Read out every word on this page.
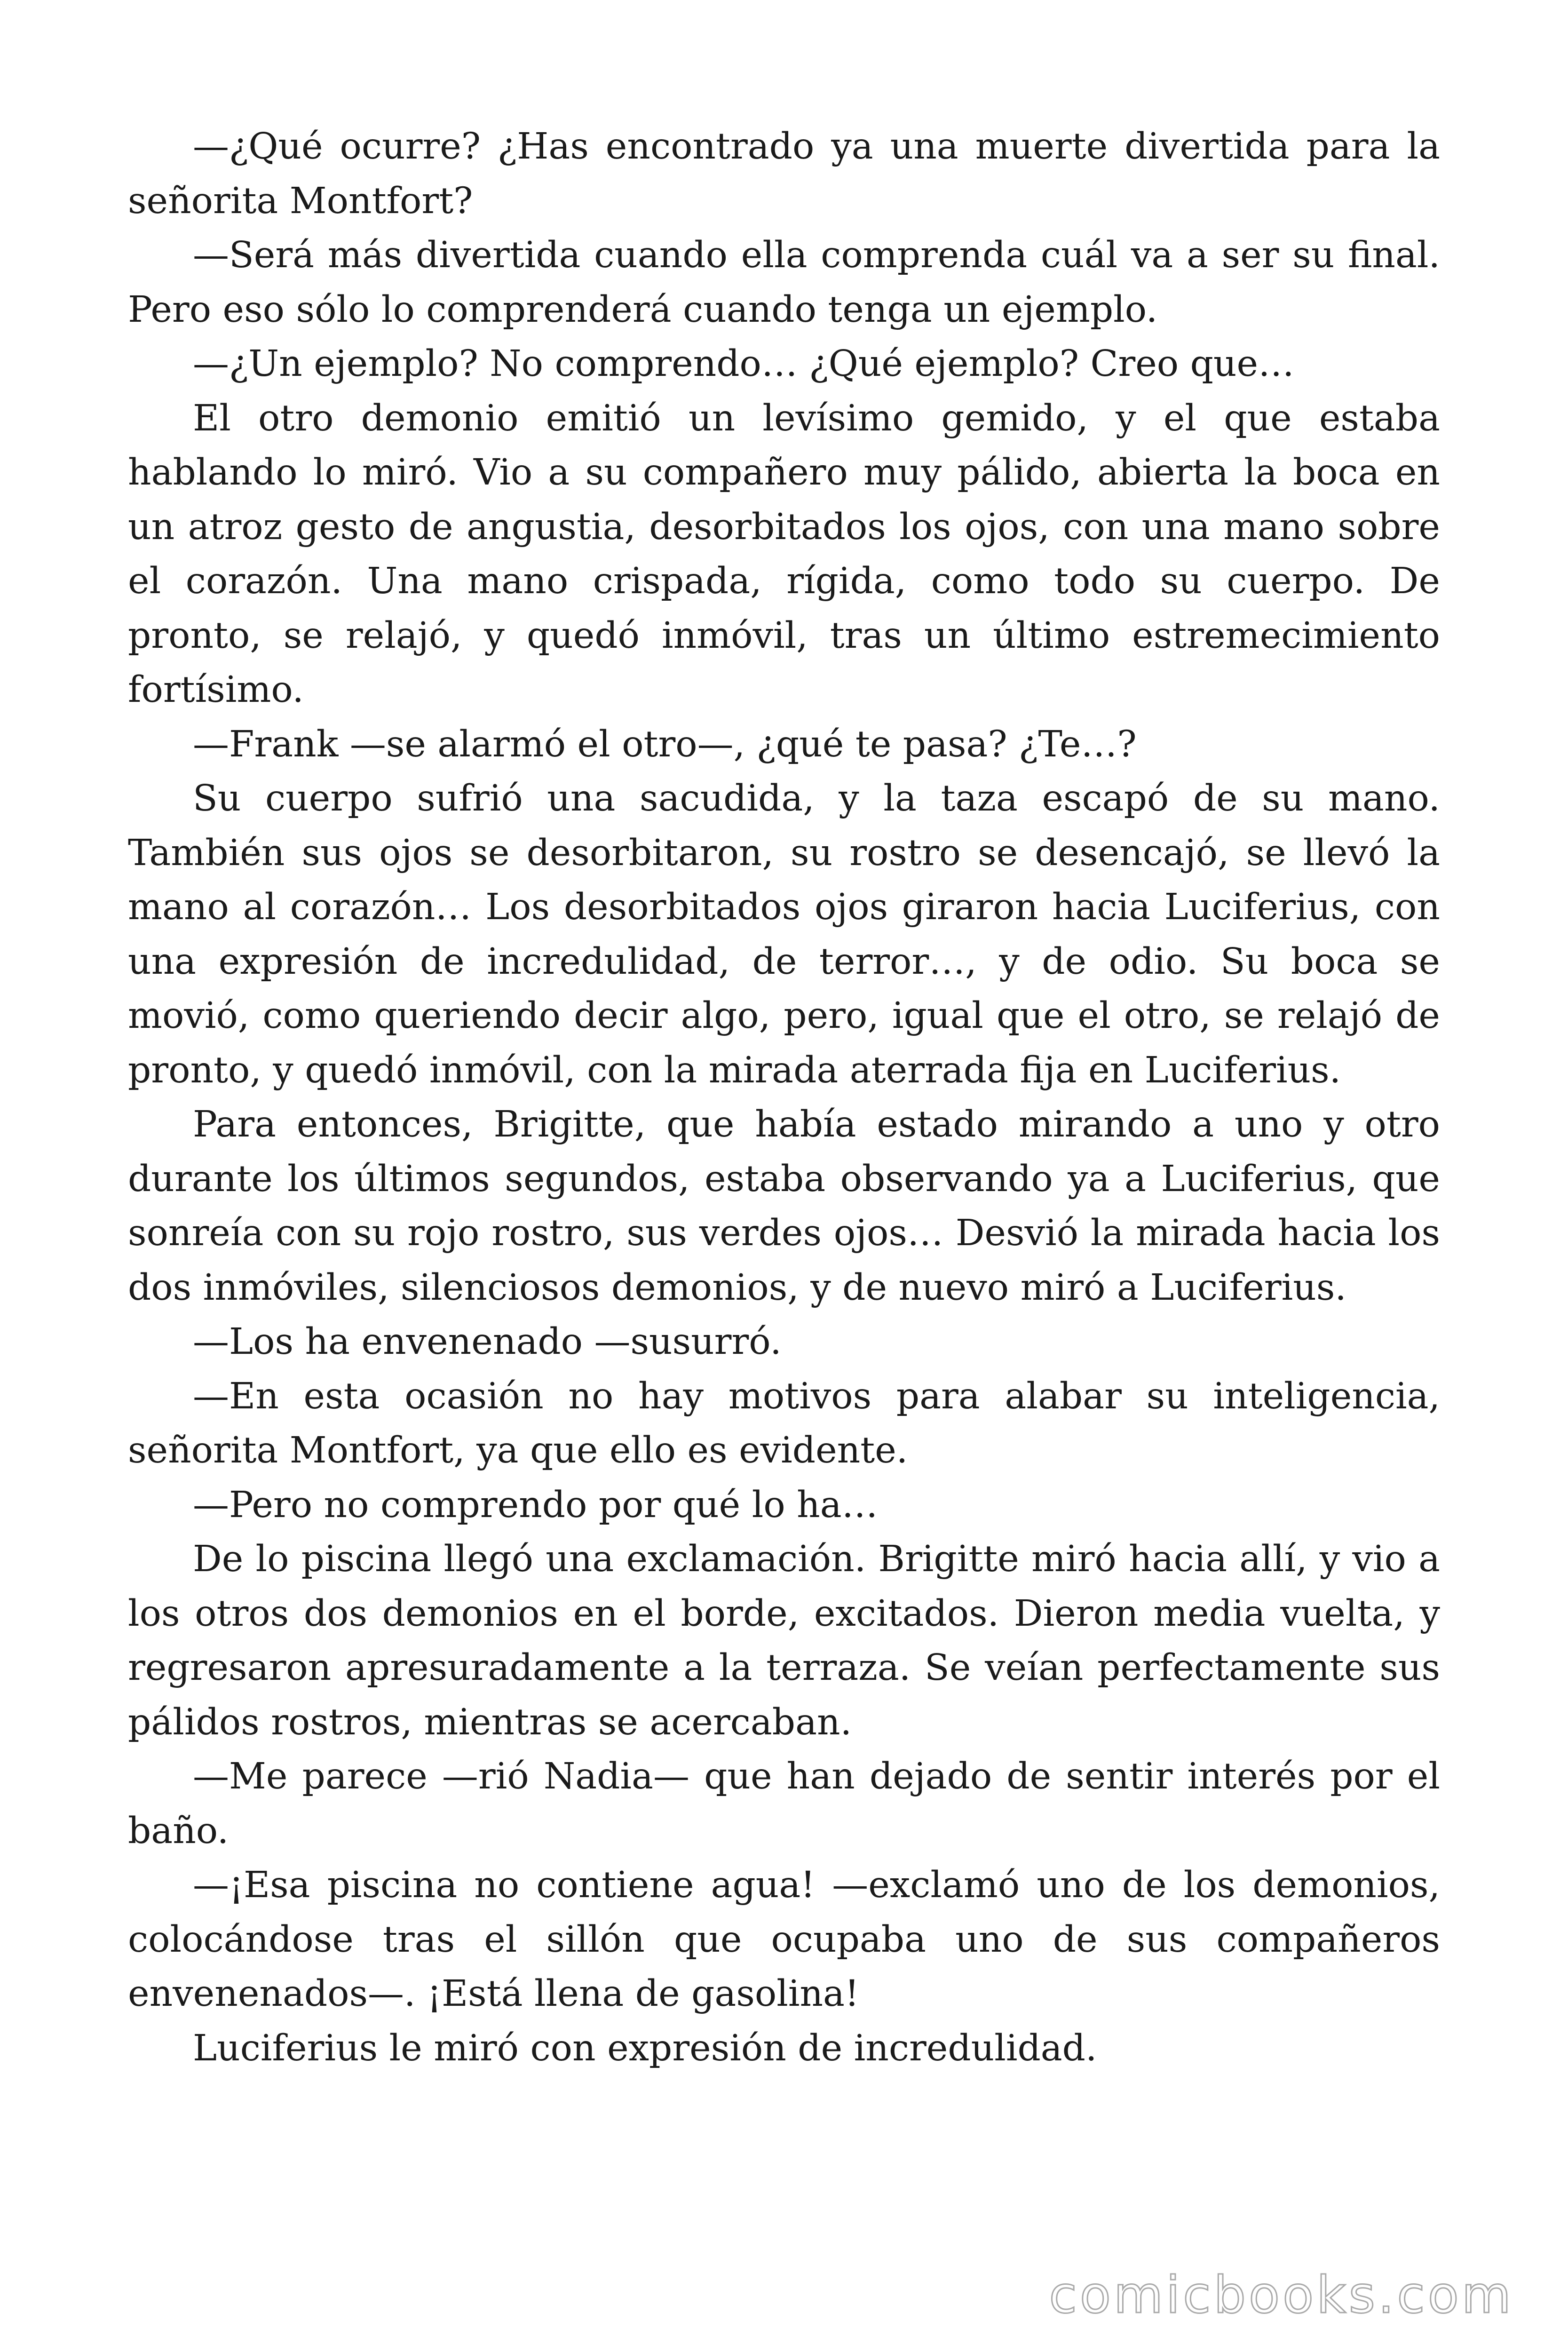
—¿Qué ocurre? ¿Has encontrado ya una muerte divertida para la señorita Montfort?

—Será más divertida cuando ella comprenda cuál va a ser su final. Pero eso sólo lo comprenderá cuando tenga un ejemplo.

—¿Un ejemplo? No comprendo… ¿Qué ejemplo? Creo que…

El otro demonio emitió un levísimo gemido, y el que estaba hablando lo miró. Vio a su compañero muy pálido, abierta la boca en un atroz gesto de angustia, desorbitados los ojos, con una mano sobre el corazón. Una mano crispada, rígida, como todo su cuerpo. De pronto, se relajó, y quedó inmóvil, tras un último estremecimiento fortísimo.

—Frank —se alarmó el otro—, ¿qué te pasa? ¿Te…?

Su cuerpo sufrió una sacudida, y la taza escapó de su mano. También sus ojos se desorbitaron, su rostro se desencajó, se llevó la mano al corazón… Los desorbitados ojos giraron hacia Luciferius, con una expresión de incredulidad, de terror…, y de odio. Su boca se movió, como queriendo decir algo, pero, igual que el otro, se relajó de pronto, y quedó inmóvil, con la mirada aterrada fija en Luciferius.

Para entonces, Brigitte, que había estado mirando a uno y otro durante los últimos segundos, estaba observando ya a Luciferius, que sonreía con su rojo rostro, sus verdes ojos… Desvió la mirada hacia los dos inmóviles, silenciosos demonios, y de nuevo miró a Luciferius.

—Los ha envenenado —susurró.

—En esta ocasión no hay motivos para alabar su inteligencia, señorita Montfort, ya que ello es evidente.

—Pero no comprendo por qué lo ha…

De lo piscina llegó una exclamación. Brigitte miró hacia allí, y vio a los otros dos demonios en el borde, excitados. Dieron media vuelta, y regresaron apresuradamente a la terraza. Se veían perfectamente sus pálidos rostros, mientras se acercaban.

—Me parece —rió Nadia— que han dejado de sentir interés por el baño.

—¡Esa piscina no contiene agua! —exclamó uno de los demonios, colocándose tras el sillón que ocupaba uno de sus compañeros envenenados—. ¡Está llena de gasolina!

Luciferius le miró con expresión de incredulidad.

comicbooks.com
